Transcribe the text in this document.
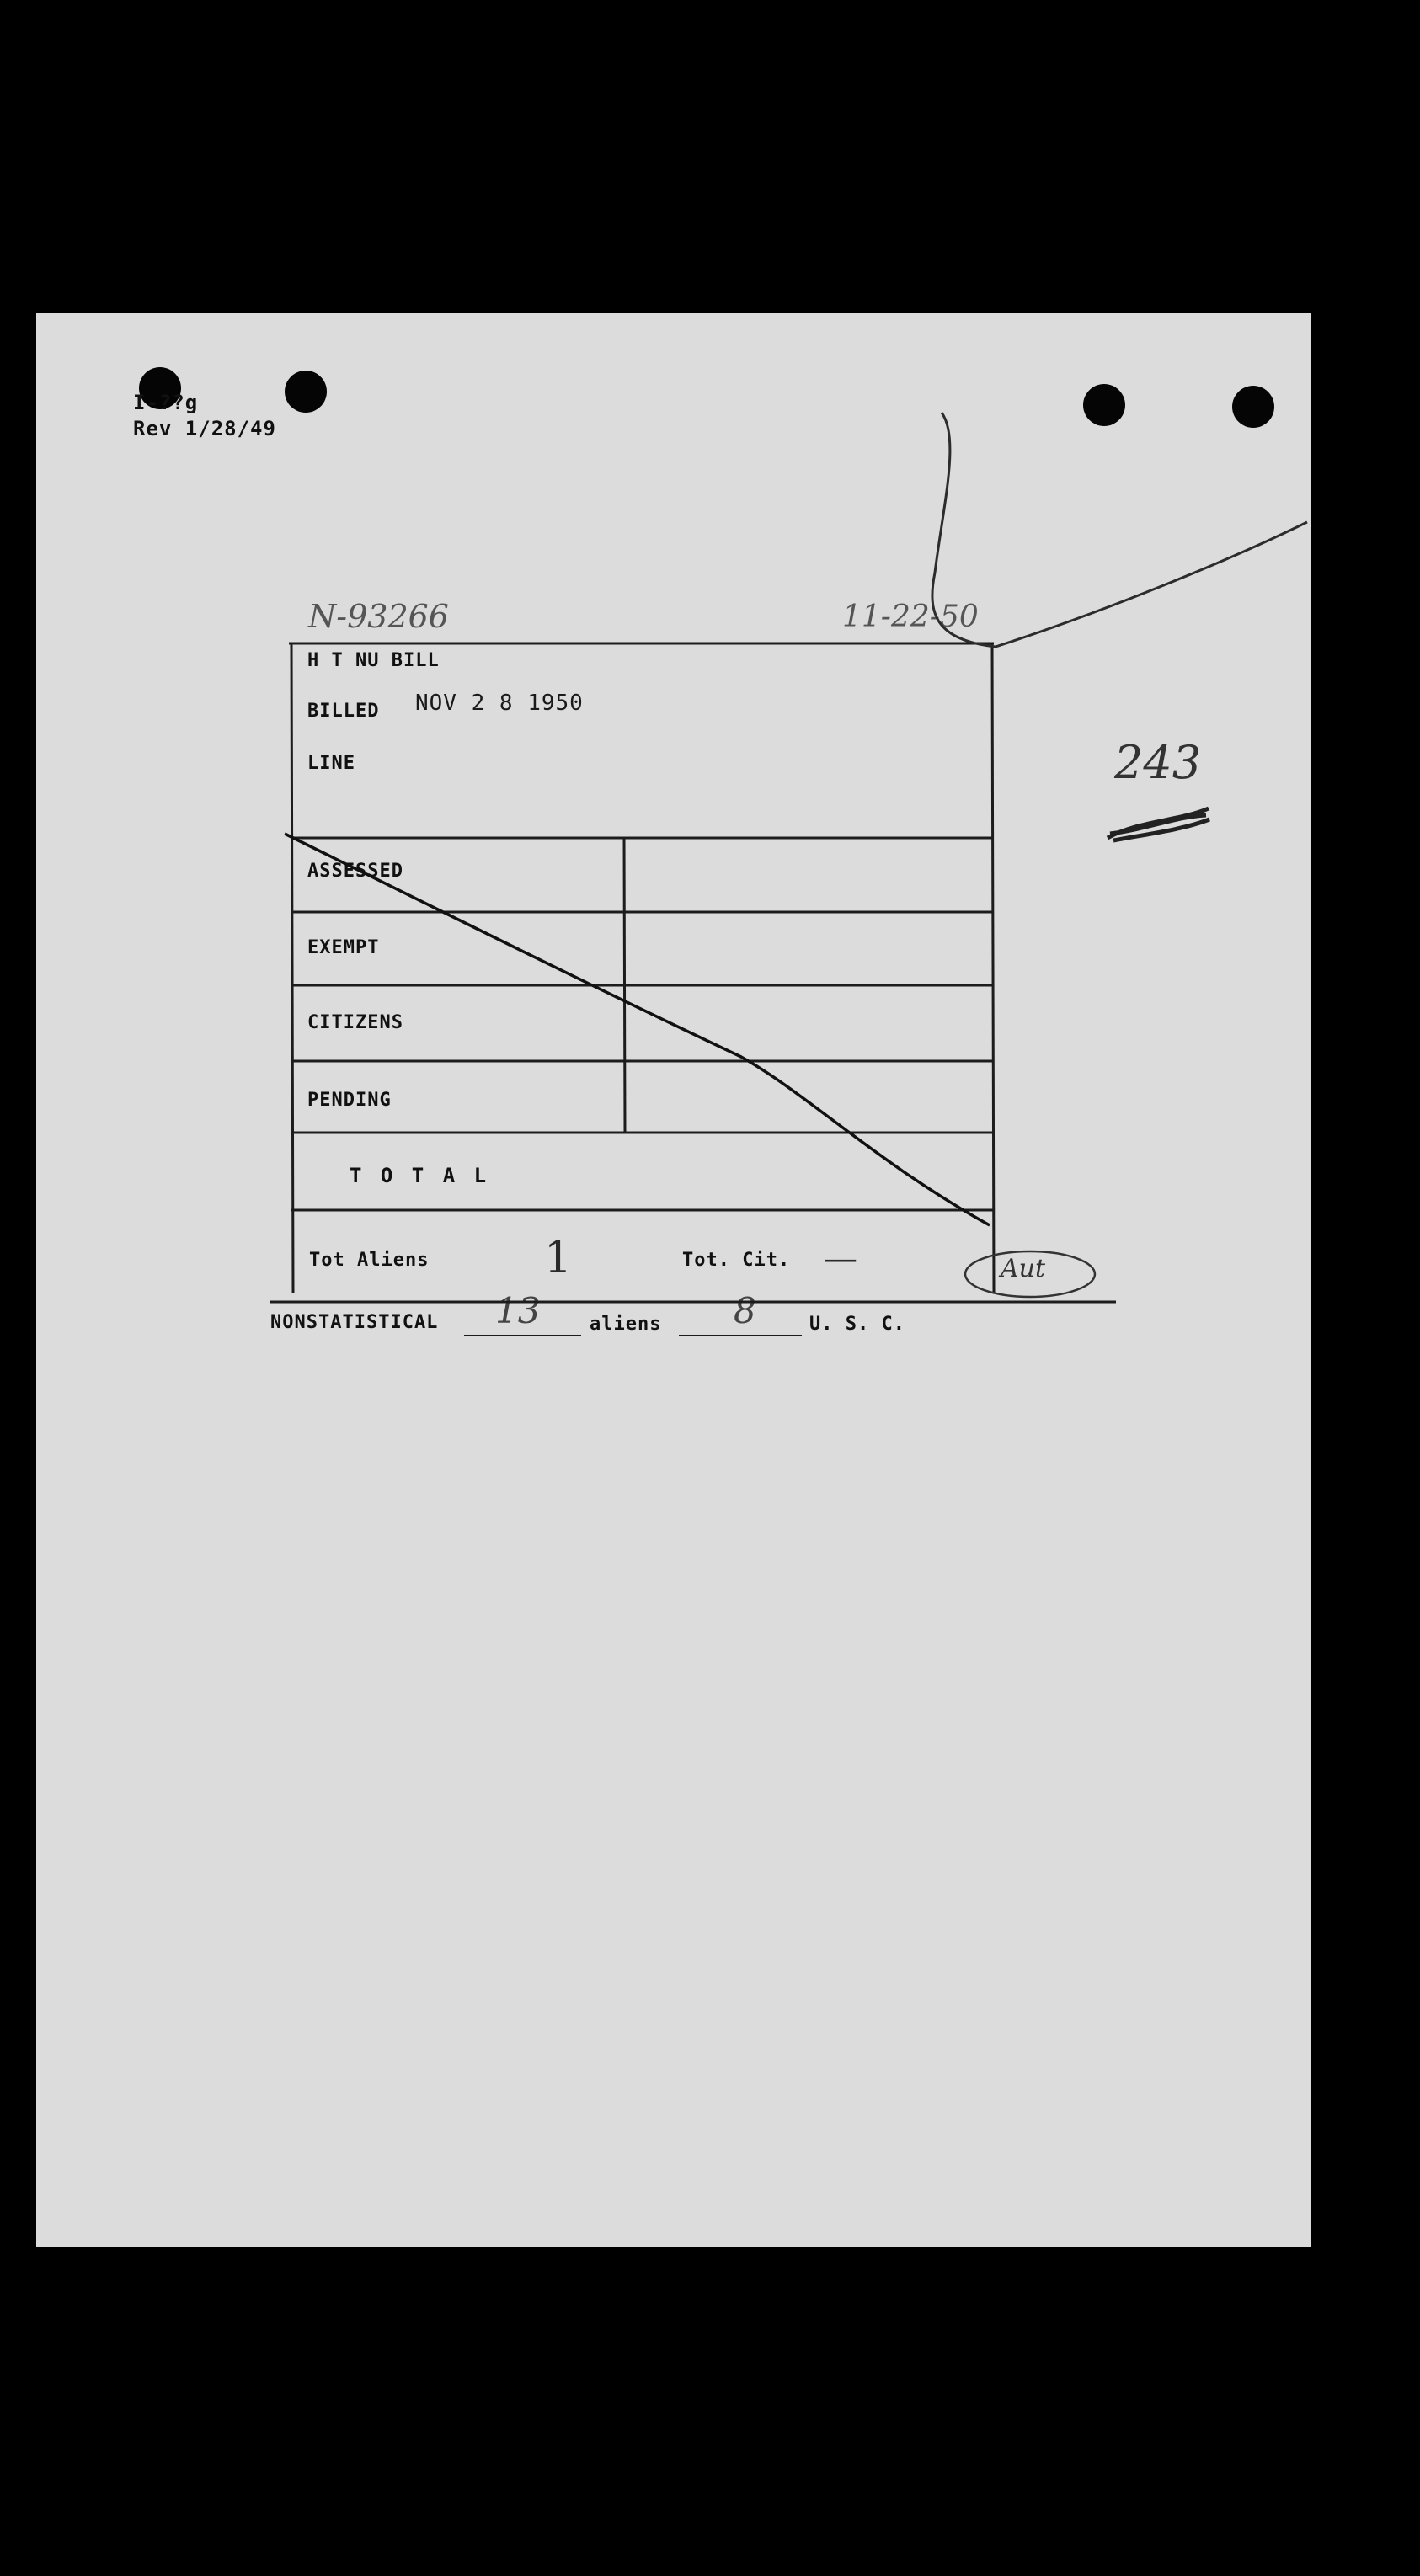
I-??g
Rev 1/28/49
N-93266	11-22-50
243
H T NU BILL
BILLED NOV 2 8 1950
LINE
ASSESSED
EXEMPT
CITIZENS
PENDING
T O T A L
Tot Aliens	1	Tot. Cit. —
NONSTATISTICAL 13	aliens 8	U. S. C.
Aut
